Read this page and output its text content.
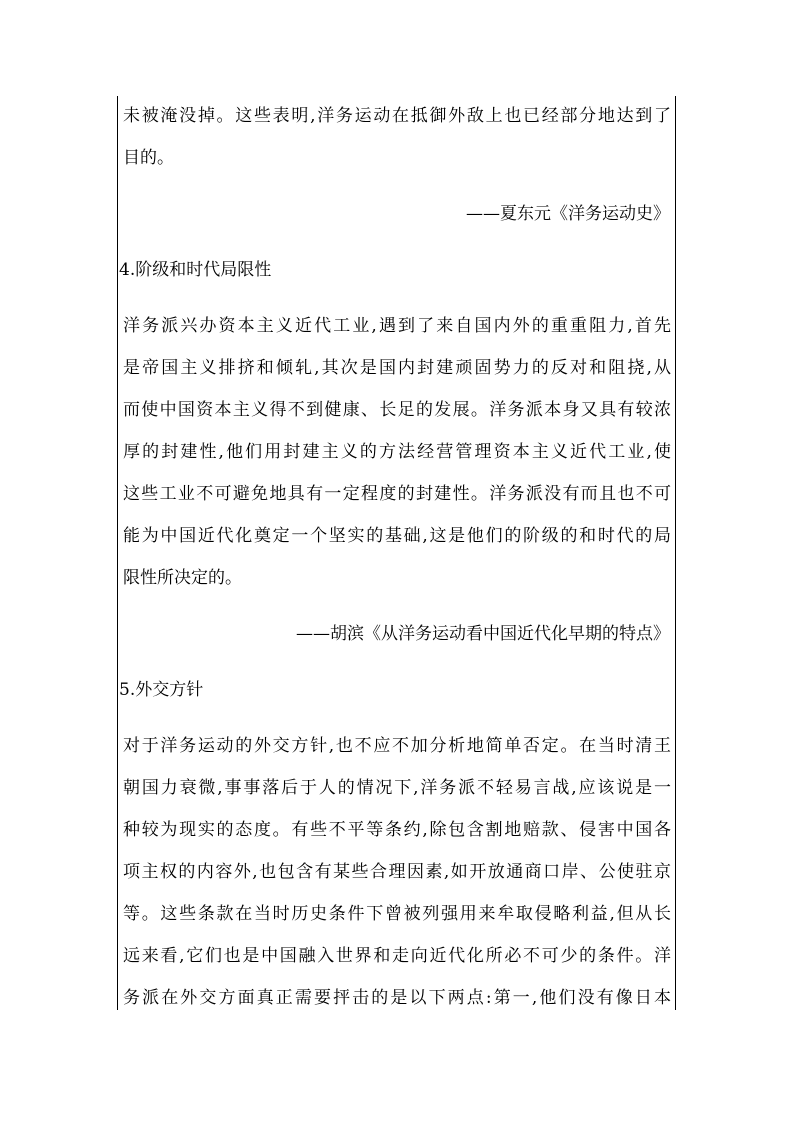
未被淹没掉。这些表明,洋务运动在抵御外敌上也已经部分地达到了
目的。
——夏东元《洋务运动史》
4.阶级和时代局限性
洋务派兴办资本主义近代工业,遇到了来自国内外的重重阻力,首先
是帝国主义排挤和倾轧,其次是国内封建顽固势力的反对和阻挠,从
而使中国资本主义得不到健康、长足的发展。洋务派本身又具有较浓
厚的封建性,他们用封建主义的方法经营管理资本主义近代工业,使
这些工业不可避免地具有一定程度的封建性。洋务派没有而且也不可
能为中国近代化奠定一个坚实的基础,这是他们的阶级的和时代的局
限性所决定的。
——胡滨《从洋务运动看中国近代化早期的特点》
5.外交方针
对于洋务运动的外交方针,也不应不加分析地简单否定。在当时清王
朝国力衰微,事事落后于人的情况下,洋务派不轻易言战,应该说是一
种较为现实的态度。有些不平等条约,除包含割地赔款、侵害中国各
项主权的内容外,也包含有某些合理因素,如开放通商口岸、公使驻京
等。这些条款在当时历史条件下曾被列强用来牟取侵略利益,但从长
远来看,它们也是中国融入世界和走向近代化所必不可少的条件。洋
务派在外交方面真正需要抨击的是以下两点:第一,他们没有像日本
